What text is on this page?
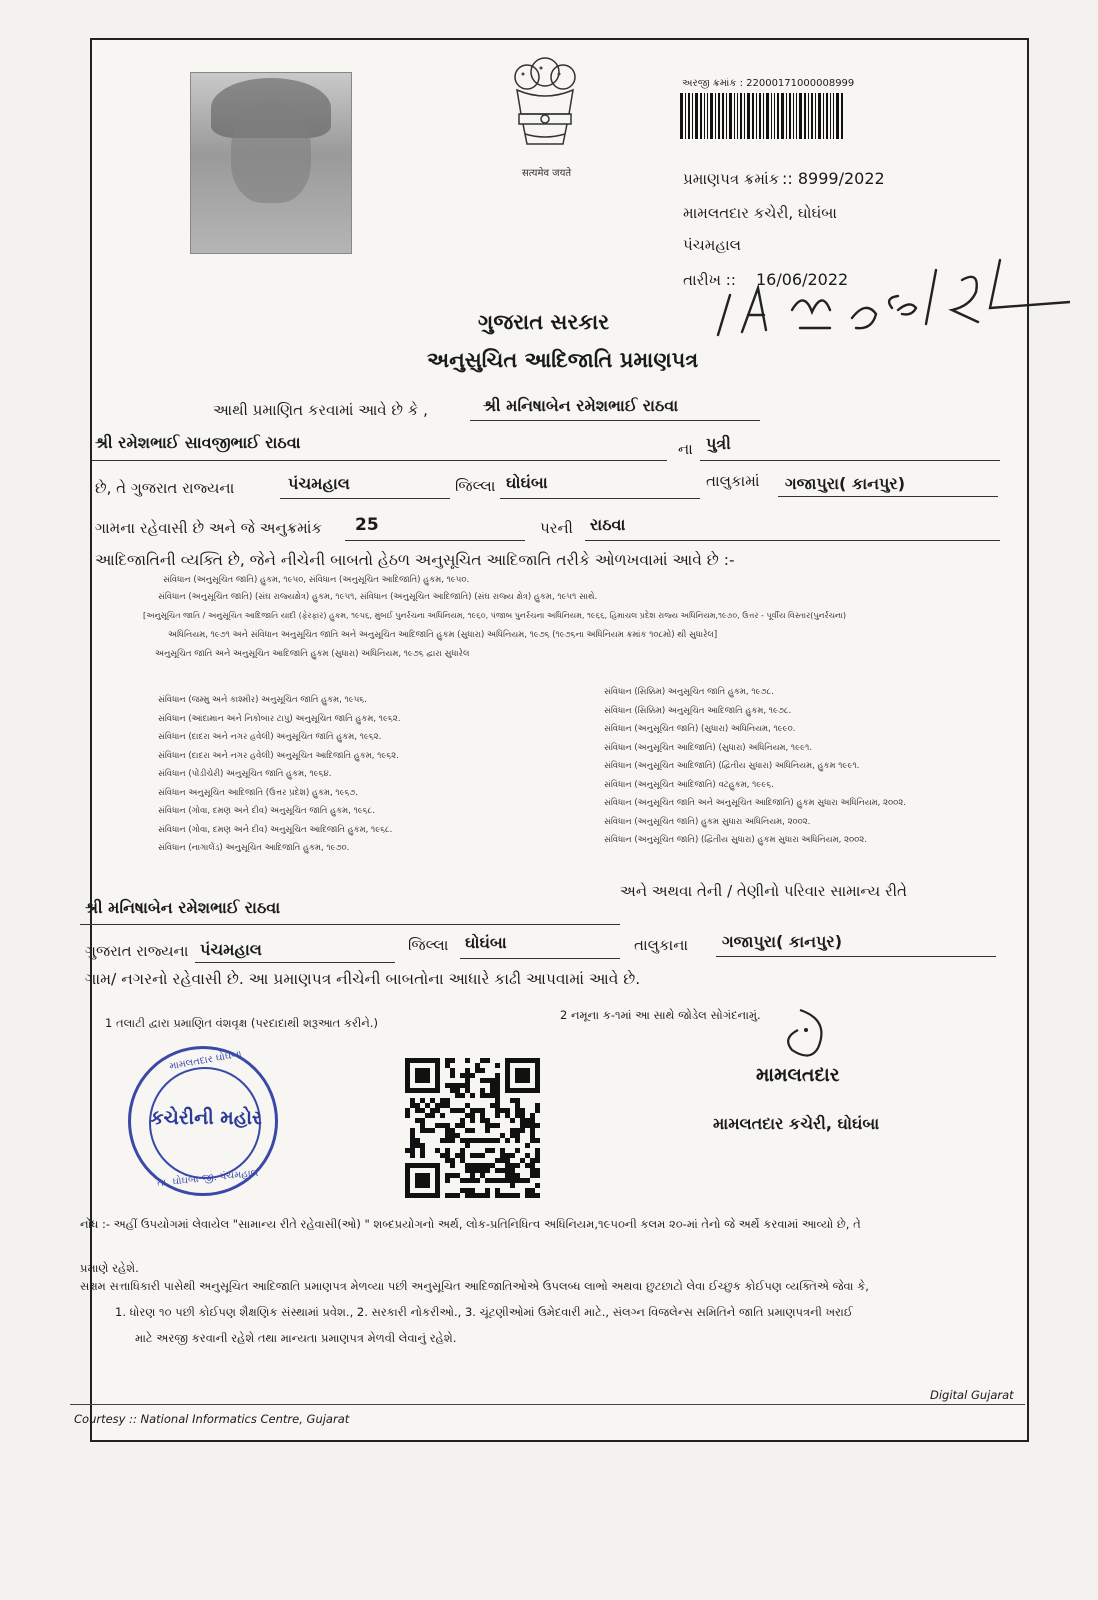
सत्यमेव जयते
અરજી ક્રમાંક : 22000171000008999
પ્રમાણપત્ર ક્રમાંક :: 8999/2022
મામલતદાર કચેરી, ઘોઘંબા
પંચમહાલ
તારીખ :: 16/06/2022
ગુજરાત સરકાર
અનુસુચિત આદિજાતિ પ્રમાણપત્ર
આથી પ્રમાણિત કરવામાં આવે છે કે ,	શ્રી મનિષાબેન રમેશભાઈ રાઠવા
શ્રી રમેશભાઈ સાવજીભાઈ રાઠવા	ના પુત્રી
છે, તે ગુજરાત રાજ્યના	પંચમહાલ	જિલ્લા ઘોઘંબા	તાલુકામાં ગજાપુરા( કાનપુર)
ગામના રહેવાસી છે અને જે અનુક્રમાંક 25	પરની રાઠવા
આદિજાતિની વ્યક્તિ છે, જેને નીચેની બાબતો હેઠળ અનુસૂચિત આદિજાતિ તરીકે ઓળખવામાં આવે છે :-
સંવિધાન (અનુસૂચિત જાતિ) હુકમ, ૧૯૫૦, સંવિધાન (અનુસૂચિત આદિજાતિ) હુકમ, ૧૯૫૦.
સંવિધાન (અનુસૂચિત જાતિ) (સંઘ રાજ્યક્ષેત્ર) હુકમ, ૧૯૫૧, સંવિધાન (અનુસૂચિત આદિજાતિ) (સંઘ રાજ્ય ક્ષેત્ર) હુકમ, ૧૯૫૧ સાથે.
[અનુસૂચિત જાતિ / અનુસૂચિત આદિજાતિ યાદી (ફેરફાર) હુકમ, ૧૯૫૬, મુંબઈ પુનર્રચના અધિનિયમ, ૧૯૬૦, પંજાબ પુનર્રચના અધિનિયમ, ૧૯૬૬, હિમાચલ પ્રદેશ રાજ્ય અધિનિયમ,૧૯૭૦, ઉત્તર - પૂર્વીય વિસ્તાર(પુનર્રચના)
અધિનિયમ, ૧૯૭૧ અને સંવિધાન અનુસૂચિત જાતિ અને અનુસૂચિત આદિજાતિ હુકમ (સુધારા) અધિનિયમ, ૧૯૭૬ (૧૯૭૬ના અધિનિયમ ક્રમાંક ૧૦૮મો) થી સુધારેલ]
અનુસૂચિત જાતિ અને અનુસૂચિત આદિજાતિ હુકમ (સુધારા) અધિનિયમ, ૧૯૭૬ દ્વારા સુધારેલ
સંવિધાન (જમ્મુ અને કાશ્મીર) અનુસૂચિત જાતિ હુકમ, ૧૯૫૬.
સંવિધાન (આંદામાન અને નિકોબાર ટાપુ) અનુસૂચિત જાતિ હુકમ, ૧૯૬૨.
સંવિધાન (દાદરા અને નગર હવેલી) અનુસૂચિત જાતિ હુકમ, ૧૯૬૨.
સંવિધાન (દાદરા અને નગર હવેલી) અનુસૂચિત આદિજાતિ હુકમ, ૧૯૬૨.
સંવિધાન (પોંડીચેરી) અનુસૂચિત જાતિ હુકમ, ૧૯૬૪.
સંવિધાન અનુસૂચિત આદિજાતિ (ઉત્તર પ્રદેશ) હુકમ, ૧૯૬૭.
સંવિધાન (ગોવા, દમણ અને દીવ) અનુસૂચિત જાતિ હુકમ, ૧૯૬૮.
સંવિધાન (ગોવા, દમણ અને દીવ) અનુસૂચિત આદિજાતિ હુકમ, ૧૯૬૮.
સંવિધાન (નાગાલેંડ) અનુસૂચિત આદિજાતિ હુકમ, ૧૯૭૦.
સંવિધાન (સિક્કિમ) અનુસૂચિત જાતિ હુકમ, ૧૯૭૮.
સંવિધાન (સિક્કિમ) અનુસૂચિત આદિજાતિ હુકમ, ૧૯૭૮.
સંવિધાન (અનુસૂચિત જાતિ) (સુધારા) અધિનિયમ, ૧૯૯૦.
સંવિધાન (અનુસૂચિત આદિજાતિ) (સુધારા) અધિનિયમ, ૧૯૯૧.
સંવિધાન (અનુસૂચિત આદિજાતિ) (દ્વિતીય સુધારા) અધિનિયમ, હુકમ ૧૯૯૧.
સંવિધાન (અનુસૂચિત આદિજાતિ) વટહુકમ, ૧૯૯૬.
સંવિધાન (અનુસૂચિત જાતિ અને અનુસૂચિત આદિજાતિ) હુકમ સુધારા અધિનિયમ, ૨૦૦૨.
સંવિધાન (અનુસૂચિત જાતિ) હુકમ સુધારા અધિનિયમ, ૨૦૦૨.
સંવિધાન (અનુસૂચિત જાતિ) (દ્વિતીય સુધારા) હુકમ સુધારા અધિનિયમ, ૨૦૦૨.
અને અથવા તેની / તેણીનો પરિવાર સામાન્ય રીતે
શ્રી મનિષાબેન રમેશભાઈ રાઠવા
ગુજરાત રાજ્યના પંચમહાલ	જિલ્લા ઘોઘંબા	તાલુકાના ગજાપુરા( કાનપુર)
ગામ/ નગરનો રહેવાસી છે. આ પ્રમાણપત્ર નીચેની બાબતોના આધારે કાઢી આપવામાં આવે છે.
1 તલાટી દ્વારા પ્રમાણિત વંશવૃક્ષ (પરદાદાથી શરૂઆત કરીને.)
2 નમૂના ક-૧માં આ સાથે જોડેલ સોગંદનામું.
મામલતદાર
મામલતદાર કચેરી, ઘોઘંબા
મામલતદાર ઘોઘંબા
કચેરીની મહોર
તા. ઘોઘંબા જી. પંચમહાલ
નોંધ :- અહીં ઉપયોગમાં લેવાયેલ "સામાન્ય રીતે રહેવાસી(ઓ) " શબ્દપ્રયોગનો અર્થ, લોક-પ્રતિનિધિત્વ અધિનિયમ,૧૯૫૦ની કલમ ૨૦-માં તેનો જે અર્થે કરવામાં આવ્યો છે, તે
પ્રમાણે રહેશે.
સક્ષમ સત્તાધિકારી પાસેથી અનુસૂચિત આદિજાતિ પ્રમાણપત્ર મેળવ્યા પછી અનુસૂચિત આદિજાતિઓએ ઉપલબ્ધ લાભો અથવા છુટછાટો લેવા ઈચ્છુક કોઈપણ વ્યક્તિએ જેવા કે,
1. ધોરણ ૧૦ પછી કોઈપણ શૈક્ષણિક સંસ્થામાં પ્રવેશ., 2. સરકારી નોકરીઓ., 3. ચૂંટણીઓમાં ઉમેદવારી માટે., સંલગ્ન વિજલેન્સ સમિતિને જાતિ પ્રમાણપત્રની ખરાઈ
માટે અરજી કરવાની રહેશે તથા માન્યતા પ્રમાણપત્ર મેળવી લેવાનું રહેશે.
Courtesy :: National Informatics Centre, Gujarat
Digital Gujarat
